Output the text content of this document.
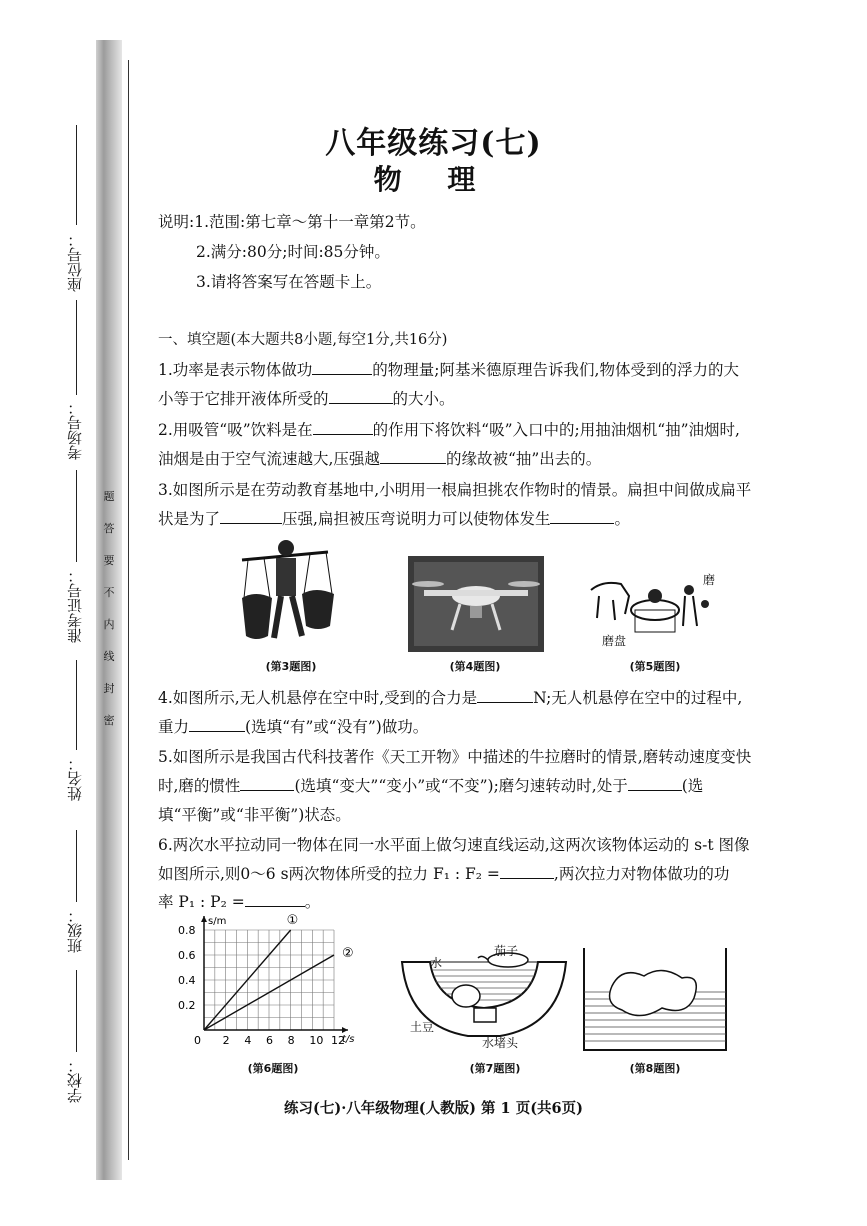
座位号：
考场号：
准考证号：
姓名：
班级：
学校：
密
封
线
内
不
要
答
题
八年级练习(七)
物 理
说明:1.范围:第七章～第十一章第2节。
2.满分:80分;时间:85分钟。
3.请将答案写在答题卡上。
一、填空题(本大题共8小题,每空1分,共16分)
1.功率是表示物体做功	的物理量;阿基米德原理告诉我们,物体受到的浮力的大
小等于它排开液体所受的	的大小。
2.用吸管“吸”饮料是在	的作用下将饮料“吸”入口中的;用抽油烟机“抽”油烟时,
油烟是由于空气流速越大,压强越	的缘故被“抽”出去的。
3.如图所示是在劳动教育基地中,小明用一根扁担挑农作物时的情景。扁担中间做成扁平
状是为了	压强,扁担被压弯说明力可以使物体发生	。
(第3题图)	(第4题图)
磨
磨盘
(第5题图)
4.如图所示,无人机悬停在空中时,受到的合力是	N;无人机悬停在空中的过程中,
重力	(选填“有”或“没有”)做功。
5.如图所示是我国古代科技著作《天工开物》中描述的牛拉磨时的情景,磨转动速度变快
时,磨的惯性	(选填“变大”“变小”或“不变”);磨匀速转动时,处于	(选
填“平衡”或“非平衡”)状态。
6.两次水平拉动同一物体在同一水平面上做匀速直线运动,这两次该物体运动的 s-t 图像
如图所示,则0～6 s两次物体所受的拉力 F₁ : F₂ =	,两次拉力对物体做功的功
率 P₁ : P₂ =	。
s/m
t/s
0 2 4 6 8 10 12
0.2
0.4
0.6
0.8
①
②
(第6题图)
水
茄子
土豆
水堵头
(第7题图)	(第8题图)
练习(七)·八年级物理(人教版) 第 1 页(共6页)
